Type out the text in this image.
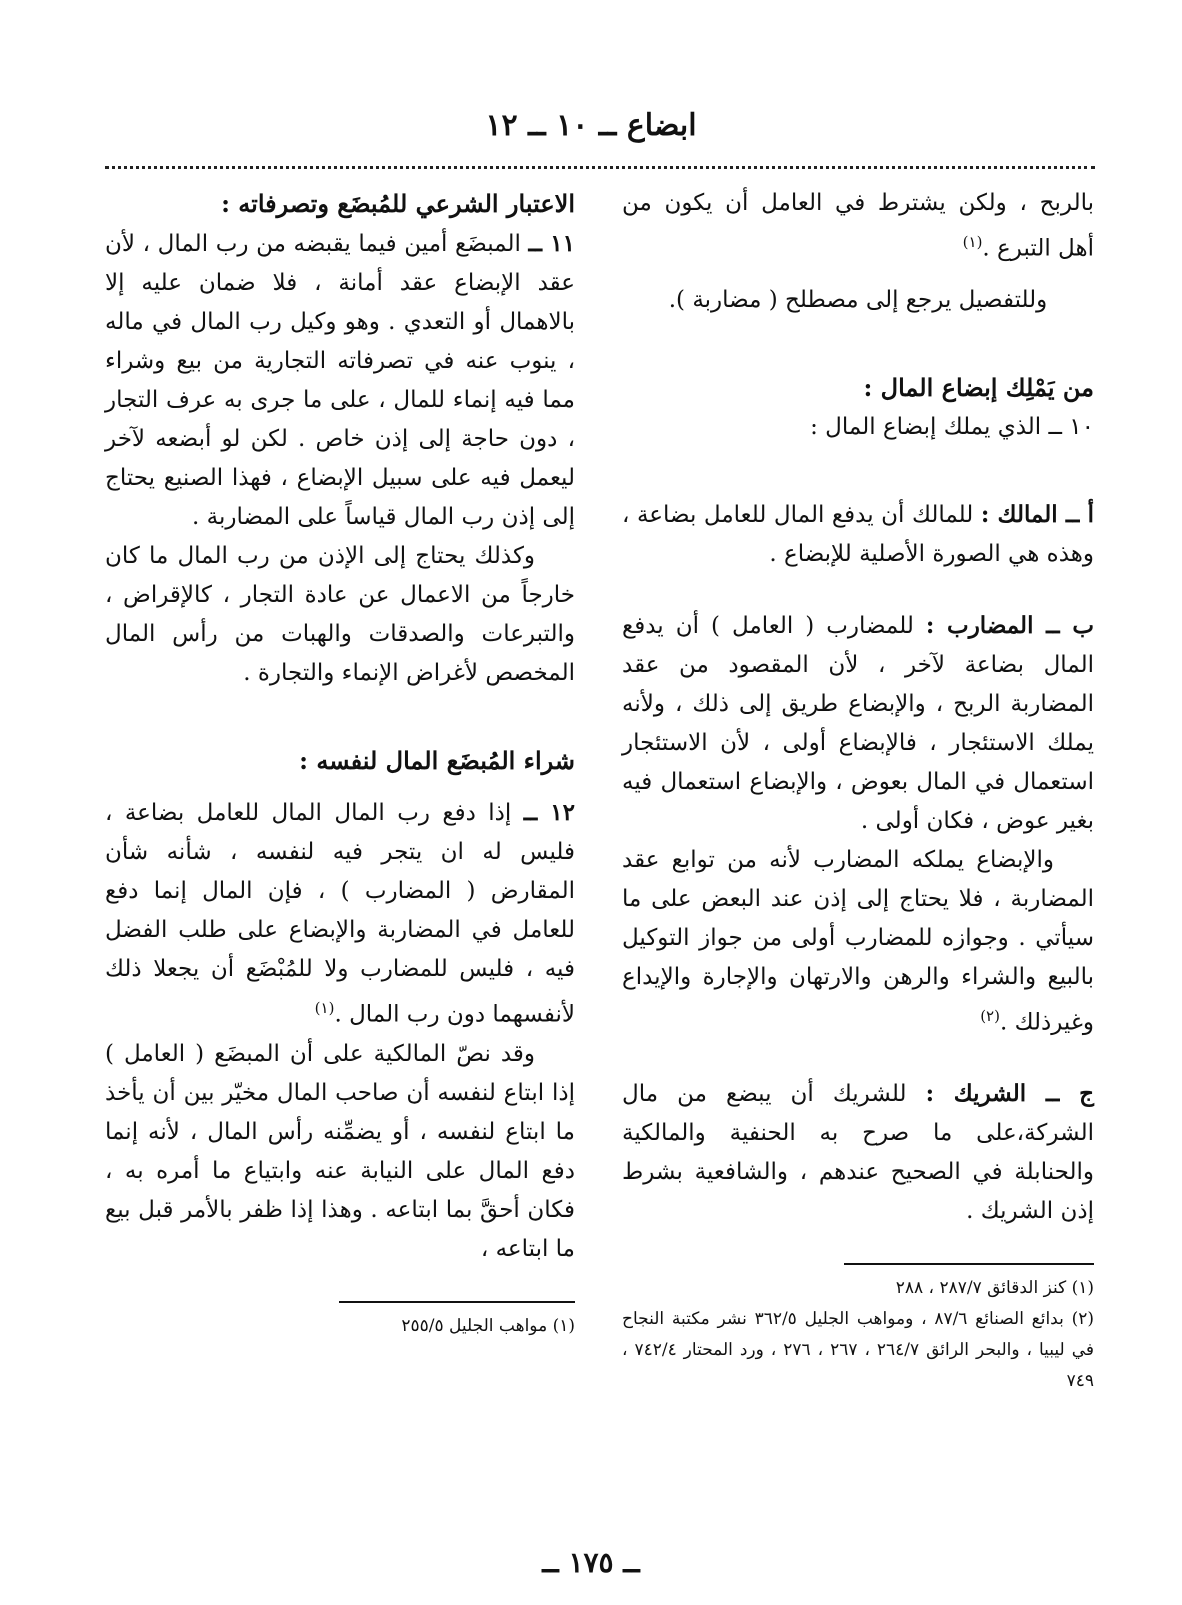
ابضاع ــ ١٠ ــ ١٢

بالربح ، ولكن يشترط في العامل أن يكون من أهل التبرع .$^{(١)}$

وللتفصيل يرجع إلى مصطلح ( مضاربة ).

من يَمْلِك إبضاع المال :

١٠ ــ الذي يملك إبضاع المال :

أ ــ المالك : للمالك أن يدفع المال للعامل بضاعة ، وهذه هي الصورة الأصلية للإبضاع .

ب ــ المضارب : للمضارب ( العامل ) أن يدفع المال بضاعة لآخر ، لأن المقصود من عقد المضاربة الربح ، والإبضاع طريق إلى ذلك ، ولأنه يملك الاستئجار ، فالإبضاع أولى ، لأن الاستئجار استعمال في المال بعوض ، والإبضاع استعمال فيه بغير عوض ، فكان أولى .

والإبضاع يملكه المضارب لأنه من توابع عقد المضاربة ، فلا يحتاج إلى إذن عند البعض على ما سيأتي . وجوازه للمضارب أولى من جواز التوكيل بالبيع والشراء والرهن والارتهان والإجارة والإيداع وغيرذلك .$^{(٢)}$

ج ــ الشريك : للشريك أن يبضع من مال الشركة،على ما صرح به الحنفية والمالكية والحنابلة في الصحيح عندهم ، والشافعية بشرط إذن الشريك .

(١) كنز الدقائق ٢٨٧/٧ ، ٢٨٨

(٢) بدائع الصنائع ٨٧/٦ ، ومواهب الجليل ٣٦٢/٥ نشر مكتبة النجاح في ليبيا ، والبحر الرائق ٢٦٤/٧ ، ٢٦٧ ، ٢٧٦ ، ورد المحتار ٧٤٢/٤ ، ٧٤٩

الاعتبار الشرعي للمُبضَع وتصرفاته :

١١ ــ المبضَع أمين فيما يقبضه من رب المال ، لأن عقد الإبضاع عقد أمانة ، فلا ضمان عليه إلا بالاهمال أو التعدي . وهو وكيل رب المال في ماله ، ينوب عنه في تصرفاته التجارية من بيع وشراء مما فيه إنماء للمال ، على ما جرى به عرف التجار ، دون حاجة إلى إذن خاص . لكن لو أبضعه لآخر ليعمل فيه على سبيل الإبضاع ، فهذا الصنيع يحتاج إلى إذن رب المال قياساً على المضاربة .

وكذلك يحتاج إلى الإذن من رب المال ما كان خارجاً من الاعمال عن عادة التجار ، كالإقراض ، والتبرعات والصدقات والهبات من رأس المال المخصص لأغراض الإنماء والتجارة .

شراء المُبضَع المال لنفسه :

١٢ ــ إذا دفع رب المال المال للعامل بضاعة ، فليس له ان يتجر فيه لنفسه ، شأنه شأن المقارض ( المضارب ) ، فإن المال إنما دفع للعامل في المضاربة والإبضاع على طلب الفضل فيه ، فليس للمضارب ولا للمُبْضَع أن يجعلا ذلك لأنفسهما دون رب المال .$^{(١)}$

وقد نصّ المالكية على أن المبضَع ( العامل ) إذا ابتاع لنفسه أن صاحب المال مخيّر بين أن يأخذ ما ابتاع لنفسه ، أو يضمِّنه رأس المال ، لأنه إنما دفع المال على النيابة عنه وابتياع ما أمره به ، فكان أحقَّ بما ابتاعه . وهذا إذا ظفر بالأمر قبل بيع ما ابتاعه ،

(١) مواهب الجليل ٢٥٥/٥

ــ ١٧٥ ــ
